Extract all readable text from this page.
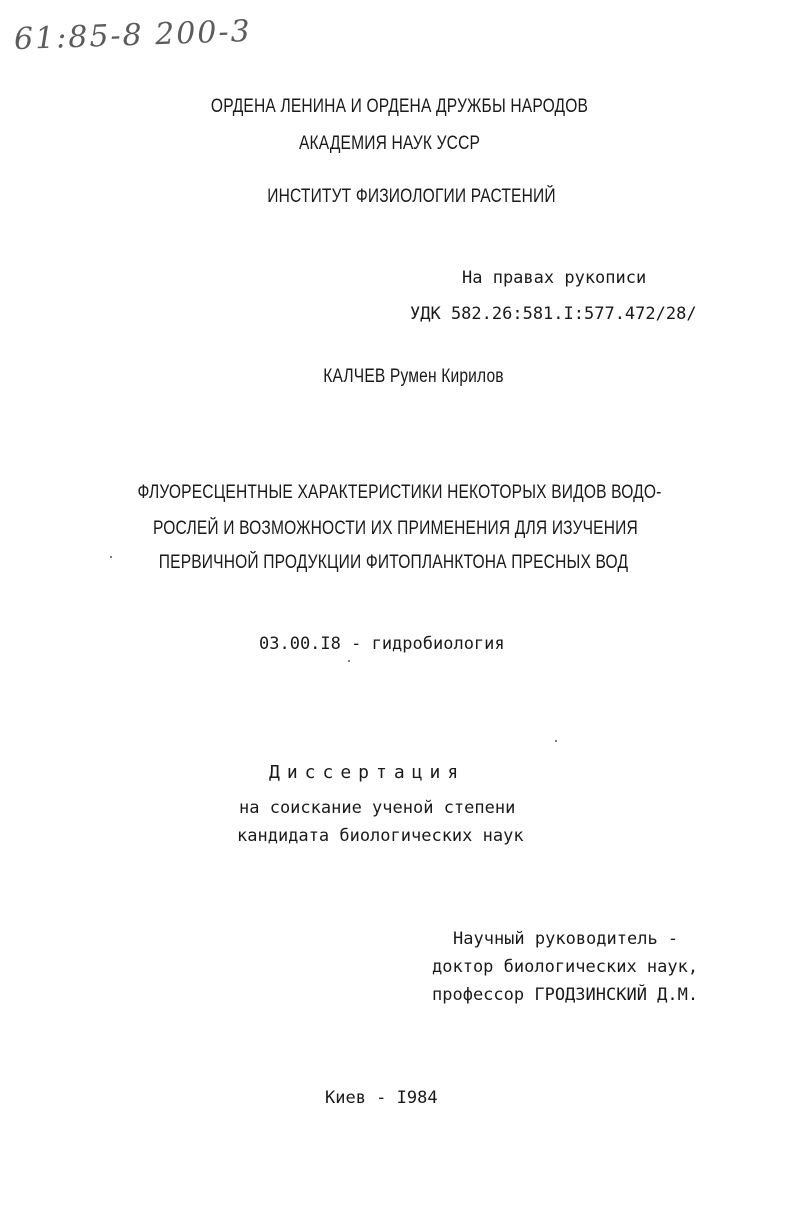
61:85-8 200-3
ОРДЕНА ЛЕНИНА И ОРДЕНА ДРУЖБЫ НАРОДОВ
АКАДЕМИЯ НАУК УССР
ИНСТИТУТ ФИЗИОЛОГИИ РАСТЕНИЙ
На правах рукописи
УДК 582.26:581.I:577.472/28/
КАЛЧЕВ Румен Кирилов
ФЛУОРЕСЦЕНТНЫЕ ХАРАКТЕРИСТИКИ НЕКОТОРЫХ ВИДОВ ВОДО-
РОСЛЕЙ И ВОЗМОЖНОСТИ ИХ ПРИМЕНЕНИЯ ДЛЯ ИЗУЧЕНИЯ
ПЕРВИЧНОЙ ПРОДУКЦИИ ФИТОПЛАНКТОНА ПРЕСНЫХ ВОД
03.00.I8 - гидробиология
Диссертация
на соискание ученой степени
кандидата биологических наук
Научный руководитель -
доктор биологических наук,
профессор ГРОДЗИНСКИЙ Д.М.
Киев - I984
